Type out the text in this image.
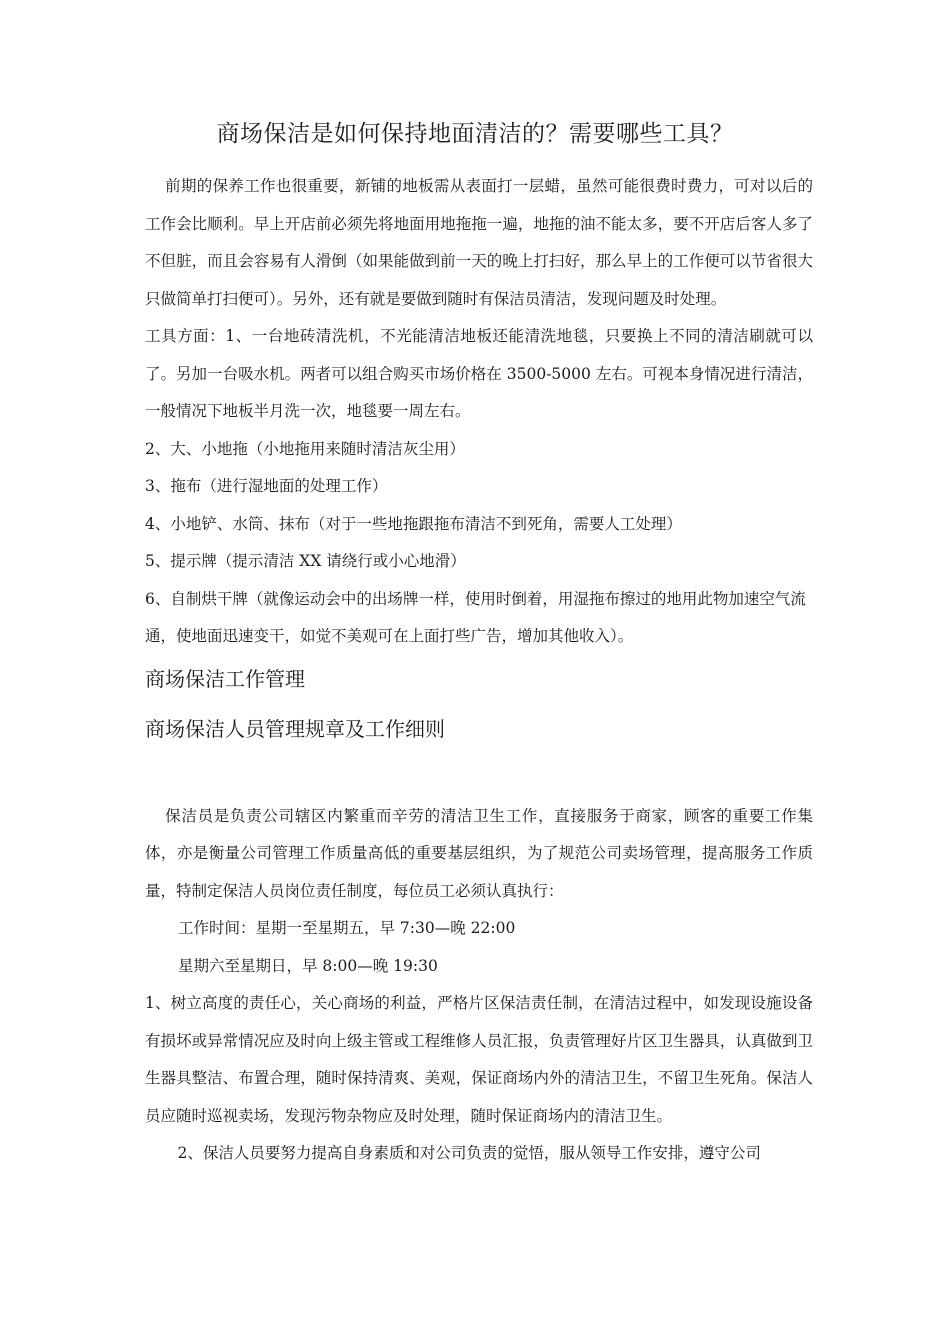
商场保洁是如何保持地面清洁的？需要哪些工具？

前期的保养工作也很重要，新铺的地板需从表面打一层蜡，虽然可能很费时费力，可对以后的工作会比顺利。早上开店前必须先将地面用地拖拖一遍，地拖的油不能太多，要不开店后客人多了不但脏，而且会容易有人滑倒（如果能做到前一天的晚上打扫好，那么早上的工作便可以节省很大只做简单打扫便可）。另外，还有就是要做到随时有保洁员清洁，发现问题及时处理。

工具方面：1、一台地砖清洗机，不光能清洁地板还能清洗地毯，只要换上不同的清洁刷就可以了。另加一台吸水机。两者可以组合购买市场价格在 3500-5000 左右。可视本身情况进行清洁，一般情况下地板半月洗一次，地毯要一周左右。

2、大、小地拖（小地拖用来随时清洁灰尘用）

3、拖布（进行湿地面的处理工作）

4、小地铲、水筒、抹布（对于一些地拖跟拖布清洁不到死角，需要人工处理）

5、提示牌（提示清洁 XX 请绕行或小心地滑）

6、自制烘干牌（就像运动会中的出场牌一样，使用时倒着，用湿拖布擦过的地用此物加速空气流通，使地面迅速变干，如觉不美观可在上面打些广告，增加其他收入）。

商场保洁工作管理

商场保洁人员管理规章及工作细则

保洁员是负责公司辖区内繁重而辛劳的清洁卫生工作，直接服务于商家，顾客的重要工作集体，亦是衡量公司管理工作质量高低的重要基层组织，为了规范公司卖场管理，提高服务工作质量，特制定保洁人员岗位责任制度，每位员工必须认真执行：

工作时间：星期一至星期五，早 7:30—晚 22:00

星期六至星期日，早 8:00—晚 19:30

1、树立高度的责任心，关心商场的利益，严格片区保洁责任制，在清洁过程中，如发现设施设备有损坏或异常情况应及时向上级主管或工程维修人员汇报，负责管理好片区卫生器具，认真做到卫生器具整洁、布置合理，随时保持清爽、美观，保证商场内外的清洁卫生，不留卫生死角。保洁人员应随时巡视卖场，发现污物杂物应及时处理，随时保证商场内的清洁卫生。

2、保洁人员要努力提高自身素质和对公司负责的觉悟，服从领导工作安排，遵守公司
